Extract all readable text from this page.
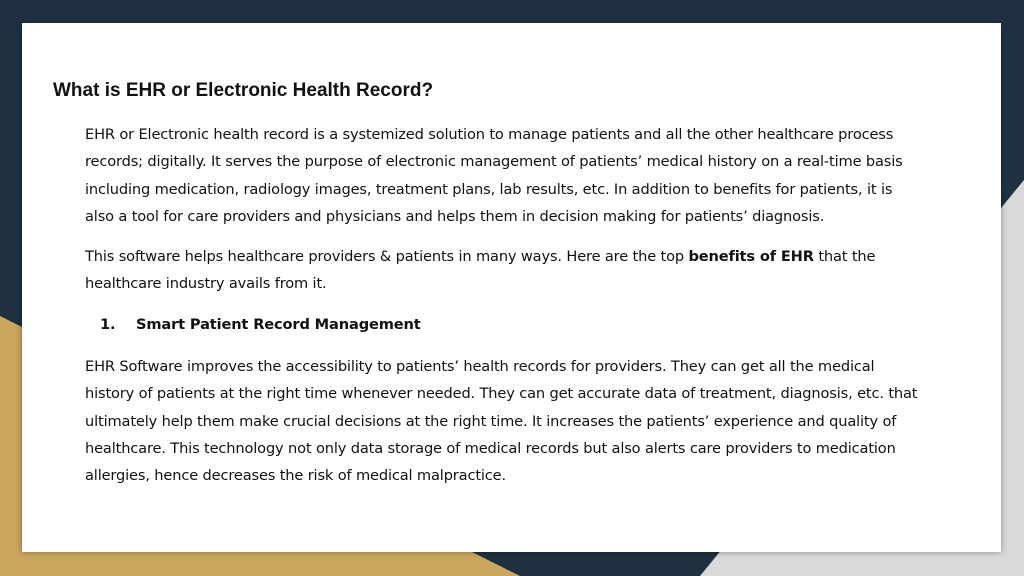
What is EHR or Electronic Health Record?

EHR or Electronic health record is a systemized solution to manage patients and all the other healthcare process records; digitally. It serves the purpose of electronic management of patients’ medical history on a real-time basis including medication, radiology images, treatment plans, lab results, etc. In addition to benefits for patients, it is also a tool for care providers and physicians and helps them in decision making for patients’ diagnosis.

This software helps healthcare providers & patients in many ways. Here are the top benefits of EHR that the healthcare industry avails from it.

1. Smart Patient Record Management

EHR Software improves the accessibility to patients’ health records for providers. They can get all the medical history of patients at the right time whenever needed. They can get accurate data of treatment, diagnosis, etc. that ultimately help them make crucial decisions at the right time. It increases the patients’ experience and quality of healthcare. This technology not only data storage of medical records but also alerts care providers to medication allergies, hence decreases the risk of medical malpractice.
